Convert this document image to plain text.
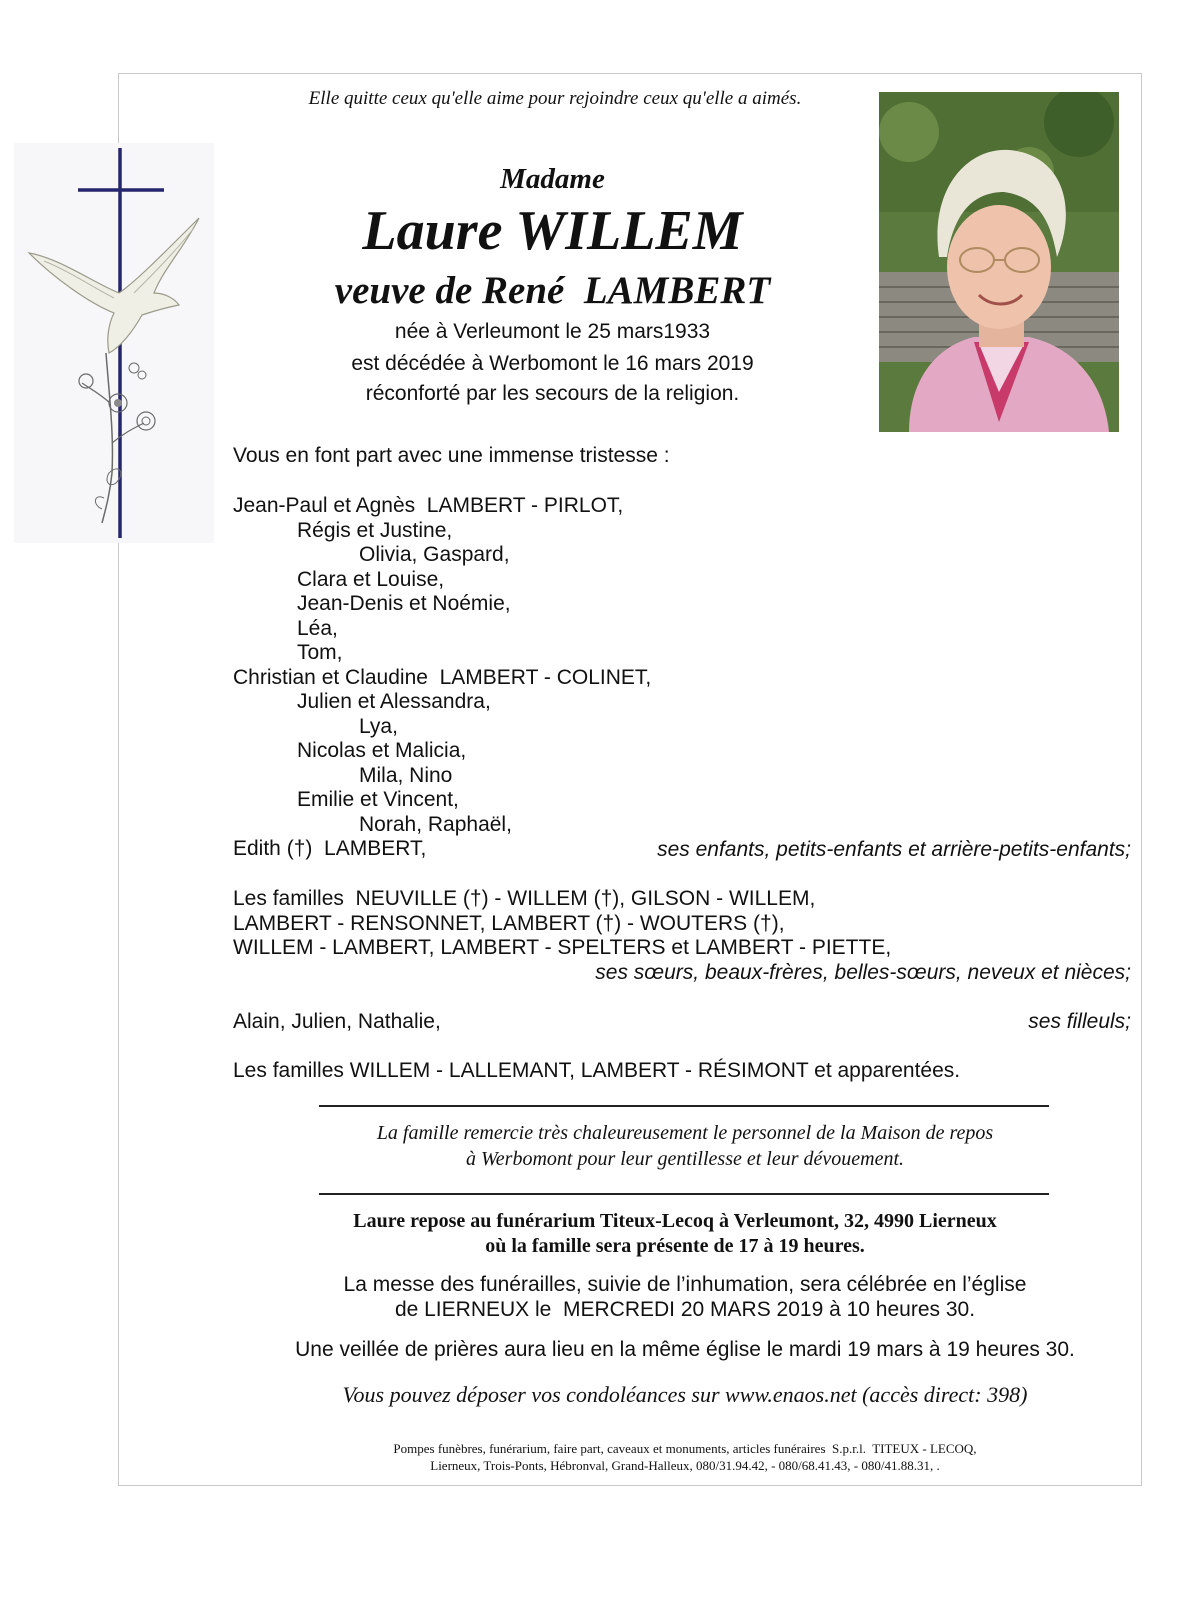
Elle quitte ceux qu'elle aime pour rejoindre ceux qu'elle a aimés.
Madame
Laure WILLEM
veuve de René  LAMBERT
née à Verleumont le 25 mars1933
est décédée à Werbomont le 16 mars 2019
réconforté par les secours de la religion.
Vous en font part avec une immense tristesse :
Jean-Paul et Agnès  LAMBERT - PIRLOT,
Régis et Justine,
Olivia, Gaspard,
Clara et Louise,
Jean-Denis et Noémie,
Léa,
Tom,
Christian et Claudine  LAMBERT - COLINET,
Julien et Alessandra,
Lya,
Nicolas et Malicia,
Mila, Nino
Emilie et Vincent,
Norah, Raphaël,
Edith (†)  LAMBERT,	ses enfants, petits-enfants et arrière-petits-enfants;
Les familles  NEUVILLE (†) - WILLEM (†), GILSON - WILLEM,
LAMBERT - RENSONNET, LAMBERT (†) - WOUTERS (†),
WILLEM - LAMBERT, LAMBERT - SPELTERS et LAMBERT - PIETTE,
ses sœurs, beaux-frères, belles-sœurs, neveux et nièces;
Alain, Julien, Nathalie,	ses filleuls;
Les familles WILLEM - LALLEMANT, LAMBERT - RÉSIMONT et apparentées.
La famille remercie très chaleureusement le personnel de la Maison de repos
à Werbomont pour leur gentillesse et leur dévouement.
Laure repose au funérarium Titeux-Lecoq à Verleumont, 32, 4990 Lierneux
où la famille sera présente de 17 à 19 heures.
La messe des funérailles, suivie de l’inhumation, sera célébrée en l’église
de LIERNEUX le  MERCREDI 20 MARS 2019 à 10 heures 30.
Une veillée de prières aura lieu en la même église le mardi 19 mars à 19 heures 30.
Vous pouvez déposer vos condoléances sur www.enaos.net (accès direct: 398)
Pompes funèbres, funérarium, faire part, caveaux et monuments, articles funéraires  S.p.r.l.  TITEUX - LECOQ,
Lierneux, Trois-Ponts, Hébronval, Grand-Halleux, 080/31.94.42, - 080/68.41.43, - 080/41.88.31, .
